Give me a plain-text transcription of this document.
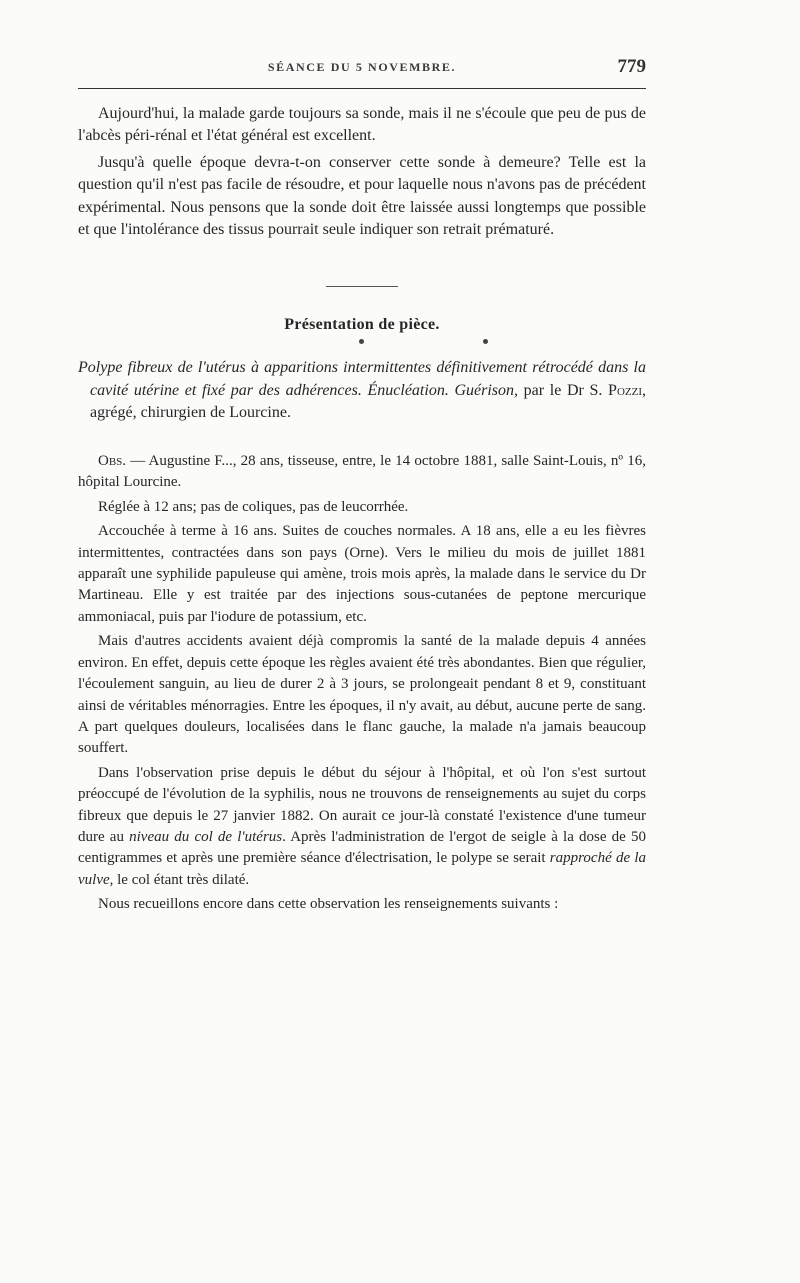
SÉANCE DU 5 NOVEMBRE.	779

Aujourd'hui, la malade garde toujours sa sonde, mais il ne s'écoule que peu de pus de l'abcès péri-rénal et l'état général est excellent.

Jusqu'à quelle époque devra-t-on conserver cette sonde à demeure? Telle est la question qu'il n'est pas facile de résoudre, et pour laquelle nous n'avons pas de précédent expérimental. Nous pensons que la sonde doit être laissée aussi longtemps que possible et que l'intolérance des tissus pourrait seule indiquer son retrait prématuré.

Présentation de pièce.

Polype fibreux de l'utérus à apparitions intermittentes définitivement rétrocédé dans la cavité utérine et fixé par des adhérences. Énucléation. Guérison, par le Dr S. Pozzi, agrégé, chirurgien de Lourcine.

Obs. — Augustine F..., 28 ans, tisseuse, entre, le 14 octobre 1881, salle Saint-Louis, nº 16, hôpital Lourcine.

Réglée à 12 ans; pas de coliques, pas de leucorrhée.

Accouchée à terme à 16 ans. Suites de couches normales. A 18 ans, elle a eu les fièvres intermittentes, contractées dans son pays (Orne). Vers le milieu du mois de juillet 1881 apparaît une syphilide papuleuse qui amène, trois mois après, la malade dans le service du Dr Martineau. Elle y est traitée par des injections sous-cutanées de peptone mercurique ammoniacal, puis par l'iodure de potassium, etc.

Mais d'autres accidents avaient déjà compromis la santé de la malade depuis 4 années environ. En effet, depuis cette époque les règles avaient été très abondantes. Bien que régulier, l'écoulement sanguin, au lieu de durer 2 à 3 jours, se prolongeait pendant 8 et 9, constituant ainsi de véritables ménorragies. Entre les époques, il n'y avait, au début, aucune perte de sang. A part quelques douleurs, localisées dans le flanc gauche, la malade n'a jamais beaucoup souffert.

Dans l'observation prise depuis le début du séjour à l'hôpital, et où l'on s'est surtout préoccupé de l'évolution de la syphilis, nous ne trouvons de renseignements au sujet du corps fibreux que depuis le 27 janvier 1882. On aurait ce jour-là constaté l'existence d'une tumeur dure au niveau du col de l'utérus. Après l'administration de l'ergot de seigle à la dose de 50 centigrammes et après une première séance d'électrisation, le polype se serait rapproché de la vulve, le col étant très dilaté.

Nous recueillons encore dans cette observation les renseignements suivants :
